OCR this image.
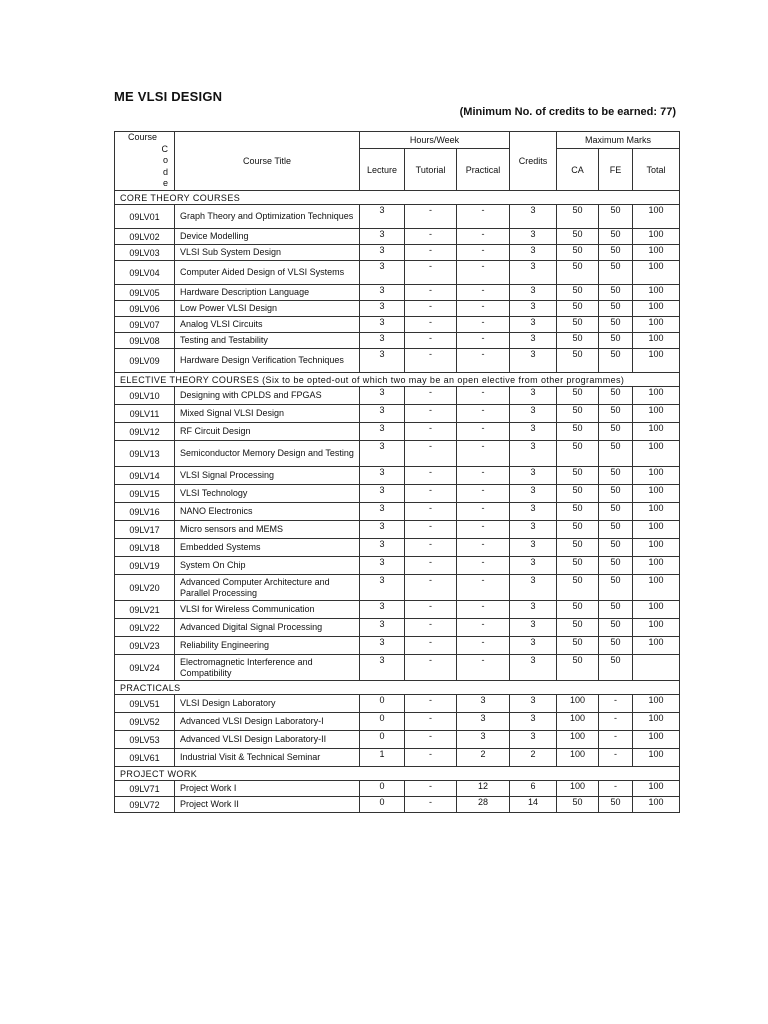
ME VLSI DESIGN
(Minimum No. of credits to be earned: 77)
Course
C
o
d
e	Course Title	Hours/Week			Credits	Maximum Marks		
		Lecture	Tutorial	Practical		CA	FE	Total
CORE THEORY COURSES								
09LV01	Graph Theory and Optimization Techniques	3	-	-	3	50	50	100
09LV02	Device Modelling	3	-	-	3	50	50	100
09LV03	VLSI Sub System Design	3	-	-	3	50	50	100
09LV04	Computer Aided Design of VLSI Systems	3	-	-	3	50	50	100
09LV05	Hardware Description Language	3	-	-	3	50	50	100
09LV06	Low Power VLSI Design	3	-	-	3	50	50	100
09LV07	Analog VLSI Circuits	3	-	-	3	50	50	100
09LV08	Testing and Testability	3	-	-	3	50	50	100
09LV09	Hardware Design Verification Techniques	3	-	-	3	50	50	100
ELECTIVE THEORY COURSES (Six to be opted-out of which two may be an open elective from other programmes)								
09LV10	Designing with CPLDS and FPGAS	3	-	-	3	50	50	100
09LV11	Mixed Signal VLSI Design	3	-	-	3	50	50	100
09LV12	RF Circuit Design	3	-	-	3	50	50	100
09LV13	Semiconductor Memory Design and Testing	3	-	-	3	50	50	100
09LV14	VLSI Signal Processing	3	-	-	3	50	50	100
09LV15	VLSI Technology	3	-	-	3	50	50	100
09LV16	NANO Electronics	3	-	-	3	50	50	100
09LV17	Micro sensors and MEMS	3	-	-	3	50	50	100
09LV18	Embedded Systems	3	-	-	3	50	50	100
09LV19	System On Chip	3	-	-	3	50	50	100
09LV20	Advanced Computer Architecture and Parallel Processing	3	-	-	3	50	50	100
09LV21	VLSI for Wireless Communication	3	-	-	3	50	50	100
09LV22	Advanced Digital Signal Processing	3	-	-	3	50	50	100
09LV23	Reliability Engineering	3	-	-	3	50	50	100
09LV24	Electromagnetic Interference and Compatibility	3	-	-	3	50	50	
PRACTICALS								
09LV51	VLSI Design Laboratory	0	-	3	3	100	-	100
09LV52	Advanced VLSI Design Laboratory-I	0	-	3	3	100	-	100
09LV53	Advanced VLSI Design Laboratory-II	0	-	3	3	100	-	100
09LV61	Industrial Visit & Technical Seminar	1	-	2	2	100	-	100
PROJECT WORK								
09LV71	Project Work I	0	-	12	6	100	-	100
09LV72	Project Work II	0	-	28	14	50	50	100
